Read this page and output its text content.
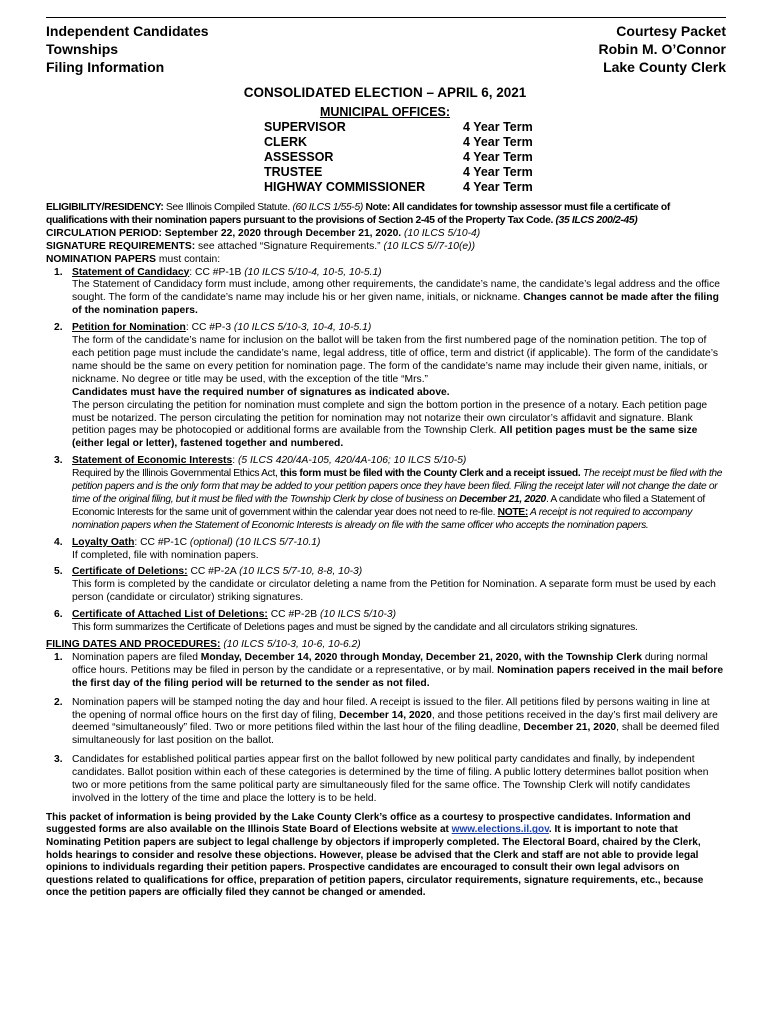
Independent Candidates
Townships
Filing Information
Courtesy Packet
Robin M. O’Connor
Lake County Clerk
CONSOLIDATED ELECTION – APRIL 6, 2021
MUNICIPAL OFFICES:
SUPERVISOR	4 Year Term
CLERK	4 Year Term
ASSESSOR	4 Year Term
TRUSTEE	4 Year Term
HIGHWAY COMMISSIONER	4 Year Term

ELIGIBILITY/RESIDENCY: See Illinois Compiled Statute. (60 ILCS 1/55-5) Note: All candidates for township assessor must file a certificate of qualifications with their nomination papers pursuant to the provisions of Section 2-45 of the Property Tax Code. (35 ILCS 200/2-45)

CIRCULATION PERIOD: September 22, 2020 through December 21, 2020. (10 ILCS 5/10-4)

SIGNATURE REQUIREMENTS: see attached “Signature Requirements.” (10 ILCS 5//7-10(e))

NOMINATION PAPERS must contain:

1. Statement of Candidacy: CC #P-1B (10 ILCS 5/10-4, 10-5, 10-5.1)

The Statement of Candidacy form must include, among other requirements, the candidate’s name, the candidate’s legal address and the office sought. The form of the candidate’s name may include his or her given name, initials, or nickname. Changes cannot be made after the filing of the nomination papers.

2. Petition for Nomination: CC #P-3 (10 ILCS 5/10-3, 10-4, 10-5.1)

The form of the candidate’s name for inclusion on the ballot will be taken from the first numbered page of the nomination petition. The top of each petition page must include the candidate’s name, legal address, title of office, term and district (if applicable). The form of the candidate’s name should be the same on every petition for nomination page. The form of the candidate’s name may include their given name, initials, or nickname. No degree or title may be used, with the exception of the title “Mrs.”

Candidates must have the required number of signatures as indicated above.

The person circulating the petition for nomination must complete and sign the bottom portion in the presence of a notary. Each petition page must be notarized. The person circulating the petition for nomination may not notarize their own circulator’s affidavit and signature. Blank petition pages may be photocopied or additional forms are available from the Township Clerk. All petition pages must be the same size (either legal or letter), fastened together and numbered.

3. Statement of Economic Interests: (5 ILCS 420/4A-105, 420/4A-106; 10 ILCS 5/10-5)

Required by the Illinois Governmental Ethics Act, this form must be filed with the County Clerk and a receipt issued. The receipt must be filed with the petition papers and is the only form that may be added to your petition papers once they have been filed. Filing the receipt later will not change the date or time of the original filing, but it must be filed with the Township Clerk by close of business on December 21, 2020. A candidate who filed a Statement of Economic Interests for the same unit of government within the calendar year does not need to re-file. NOTE: A receipt is not required to accompany nomination papers when the Statement of Economic Interests is already on file with the same officer who accepts the nomination papers.

4. Loyalty Oath: CC #P-1C (optional) (10 ILCS 5/7-10.1)

If completed, file with nomination papers.

5. Certificate of Deletions: CC #P-2A (10 ILCS 5/7-10, 8-8, 10-3)

This form is completed by the candidate or circulator deleting a name from the Petition for Nomination. A separate form must be used by each person (candidate or circulator) striking signatures.

6. Certificate of Attached List of Deletions: CC #P-2B (10 ILCS 5/10-3)

This form summarizes the Certificate of Deletions pages and must be signed by the candidate and all circulators striking signatures.

FILING DATES AND PROCEDURES: (10 ILCS 5/10-3, 10-6, 10-6.2)

1. Nomination papers are filed Monday, December 14, 2020 through Monday, December 21, 2020, with the Township Clerk during normal office hours. Petitions may be filed in person by the candidate or a representative, or by mail. Nomination papers received in the mail before the first day of the filing period will be returned to the sender as not filed.

2. Nomination papers will be stamped noting the day and hour filed. A receipt is issued to the filer. All petitions filed by persons waiting in line at the opening of normal office hours on the first day of filing, December 14, 2020, and those petitions received in the day’s first mail delivery are deemed “simultaneously” filed. Two or more petitions filed within the last hour of the filing deadline, December 21, 2020, shall be deemed filed simultaneously for last position on the ballot.

3. Candidates for established political parties appear first on the ballot followed by new political party candidates and finally, by independent candidates. Ballot position within each of these categories is determined by the time of filing. A public lottery determines ballot position when two or more petitions from the same political party are simultaneously filed for the same office. The Township Clerk will notify candidates involved in the lottery of the time and place the lottery is to be held.

This packet of information is being provided by the Lake County Clerk’s office as a courtesy to prospective candidates. Information and suggested forms are also available on the Illinois State Board of Elections website at www.elections.il.gov. It is important to note that Nominating Petition papers are subject to legal challenge by objectors if improperly completed. The Electoral Board, chaired by the Clerk, holds hearings to consider and resolve these objections. However, please be advised that the Clerk and staff are not able to provide legal opinions to individuals regarding their petition papers. Prospective candidates are encouraged to consult their own legal advisors on questions related to qualifications for office, preparation of petition papers, circulator requirements, signature requirements, etc., because once the petition papers are officially filed they cannot be changed or amended.
